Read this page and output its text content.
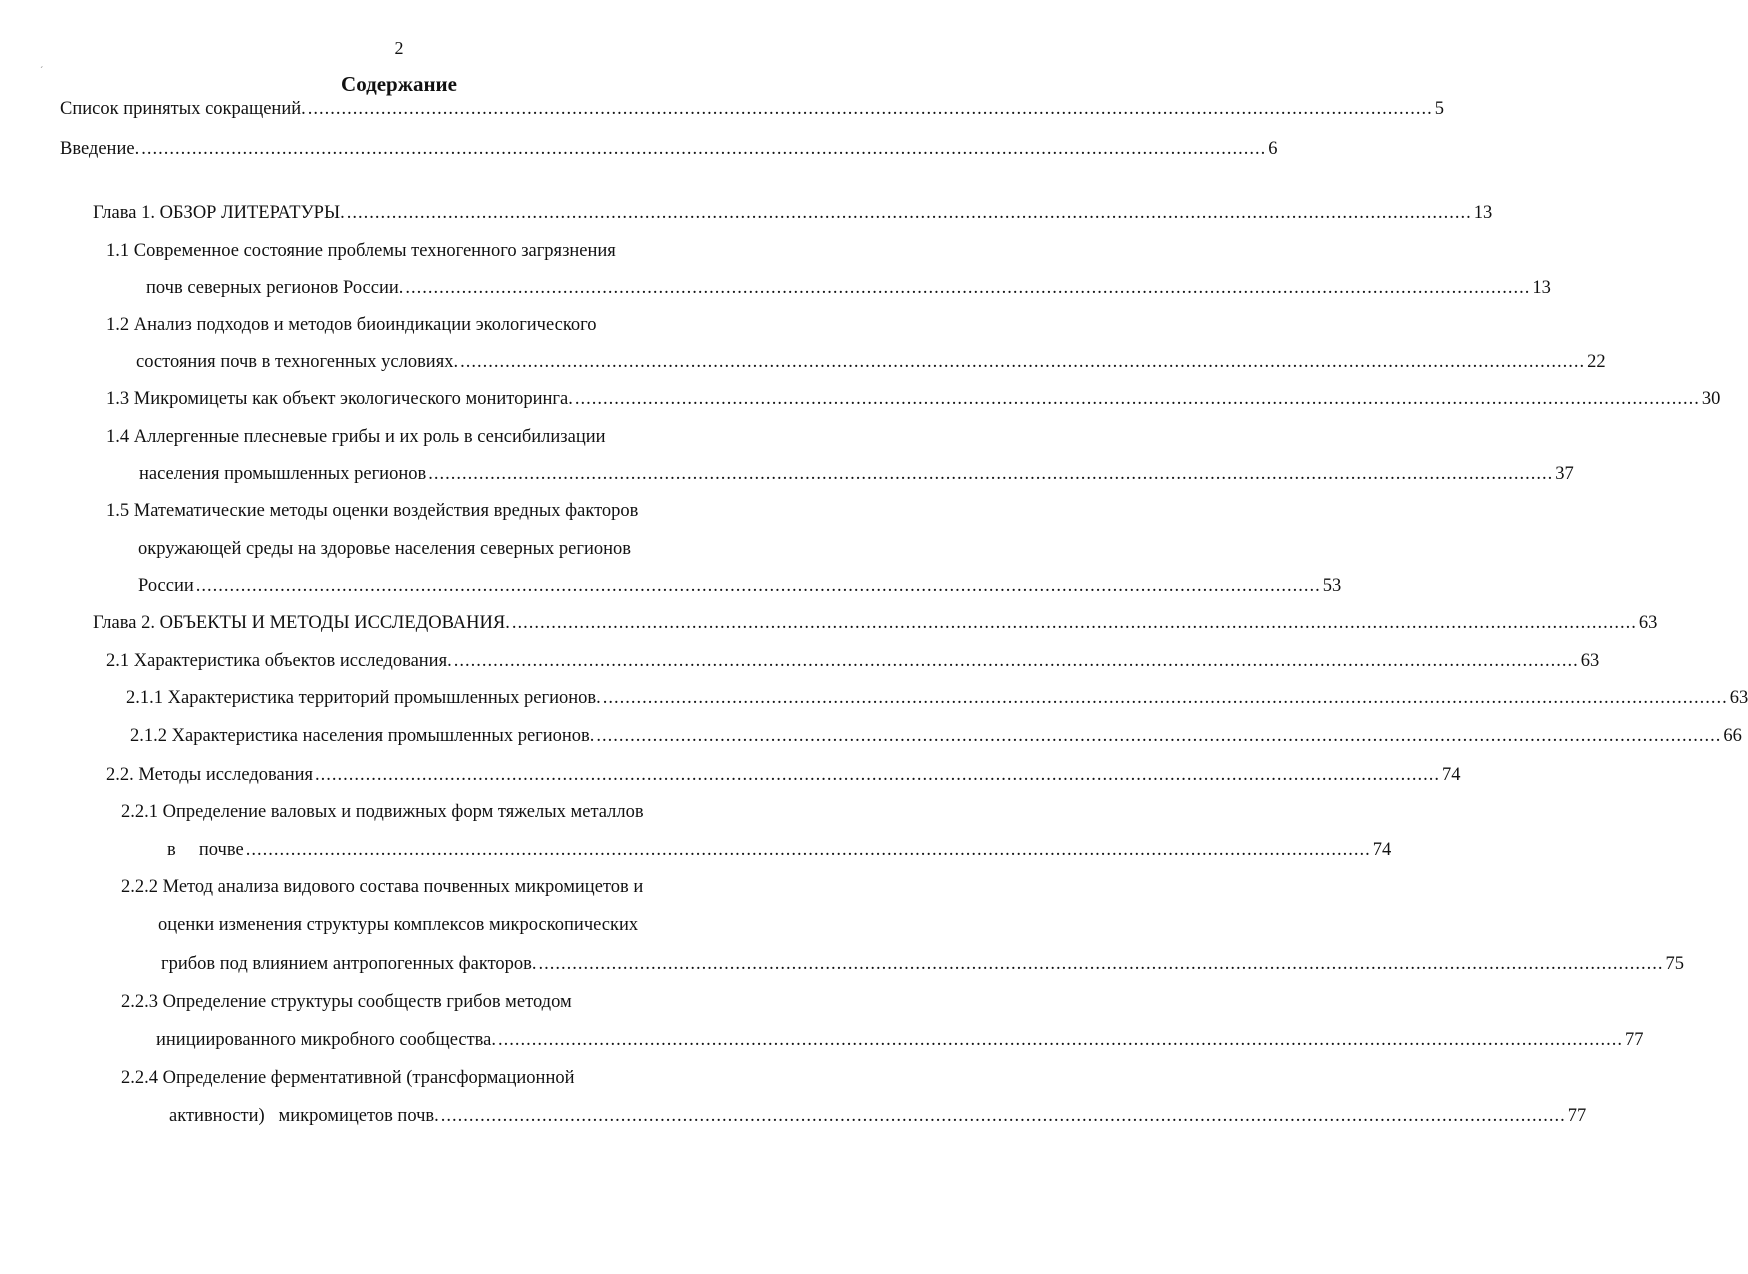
´
2
Содержание
Список принятых сокращений. ........................................................................................................................................................................................................ 5
Введение. ........................................................................................................................................................................................................ 6
Глава 1. ОБЗОР ЛИТЕРАТУРЫ. ........................................................................................................................................................................................................ 13
1.1 Современное состояние проблемы техногенного загрязнения
почв северных регионов России. ........................................................................................................................................................................................................ 13
1.2 Анализ подходов и методов биоиндикации экологического
состояния почв в техногенных условиях. ........................................................................................................................................................................................................ 22
1.3 Микромицеты как объект экологического мониторинга. ........................................................................................................................................................................................................ 30
1.4 Аллергенные плесневые грибы и их роль в сенсибилизации
населения промышленных регионов ........................................................................................................................................................................................................ 37
1.5 Математические методы оценки воздействия вредных факторов
окружающей среды на здоровье населения северных регионов
России ........................................................................................................................................................................................................ 53
Глава 2. ОБЪЕКТЫ И МЕТОДЫ ИССЛЕДОВАНИЯ. ........................................................................................................................................................................................................ 63
2.1 Характеристика объектов исследования. ........................................................................................................................................................................................................ 63
2.1.1 Характеристика территорий промышленных регионов. ........................................................................................................................................................................................................ 63
2.1.2 Характеристика населения промышленных регионов. ........................................................................................................................................................................................................ 66
2.2. Методы исследования ........................................................................................................................................................................................................ 74
2.2.1 Определение валовых и подвижных форм тяжелых металлов
в     почве ........................................................................................................................................................................................................ 74
2.2.2 Метод анализа видового состава почвенных микромицетов и
оценки изменения структуры комплексов микроскопических
грибов под влиянием антропогенных факторов. ........................................................................................................................................................................................................ 75
2.2.3 Определение структуры сообществ грибов методом
инициированного микробного сообщества. ........................................................................................................................................................................................................ 77
2.2.4 Определение ферментативной (трансформационной
активности)   микромицетов почв. ........................................................................................................................................................................................................ 77
